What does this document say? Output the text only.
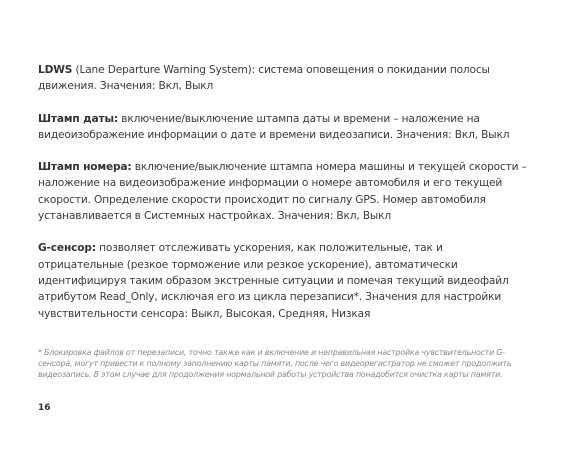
LDWS (Lane Departure Warning System): система оповещения о покидании полосы движения. Значения: Вкл, Выкл

Штамп даты: включение/выключение штампа даты и времени – наложение на видеоизображение информации о дате и времени видеозаписи. Значения: Вкл, Выкл

Штамп номера: включение/выключение штампа номера машины и текущей скорости – наложение на видеоизображение информации о номере автомобиля и его текущей скорости. Определение скорости происходит по сигналу GPS. Номер автомобиля устанавливается в Системных настройках. Значения: Вкл, Выкл

G-сенсор: позволяет отслеживать ускорения, как положительные, так и отрицательные (резкое торможение или резкое ускорение), автоматически идентифицируя таким образом экстренные ситуации и помечая текущий видеофайл атрибутом Read_Only, исключая его из цикла перезаписи*. Значения для настройки чувствительности сенсора: Выкл, Высокая, Средняя, Низкая

* Блокировка файлов от перезаписи, точно также как и включение и неправильная настройка чувствительности G-сенсора, могут привести к полному заполнению карты памяти, после чего видеорегистратор не сможет продолжить видеозапись. В этом случае для продолжения нормальной работы устройства понадобится очистка карты памяти.
16
